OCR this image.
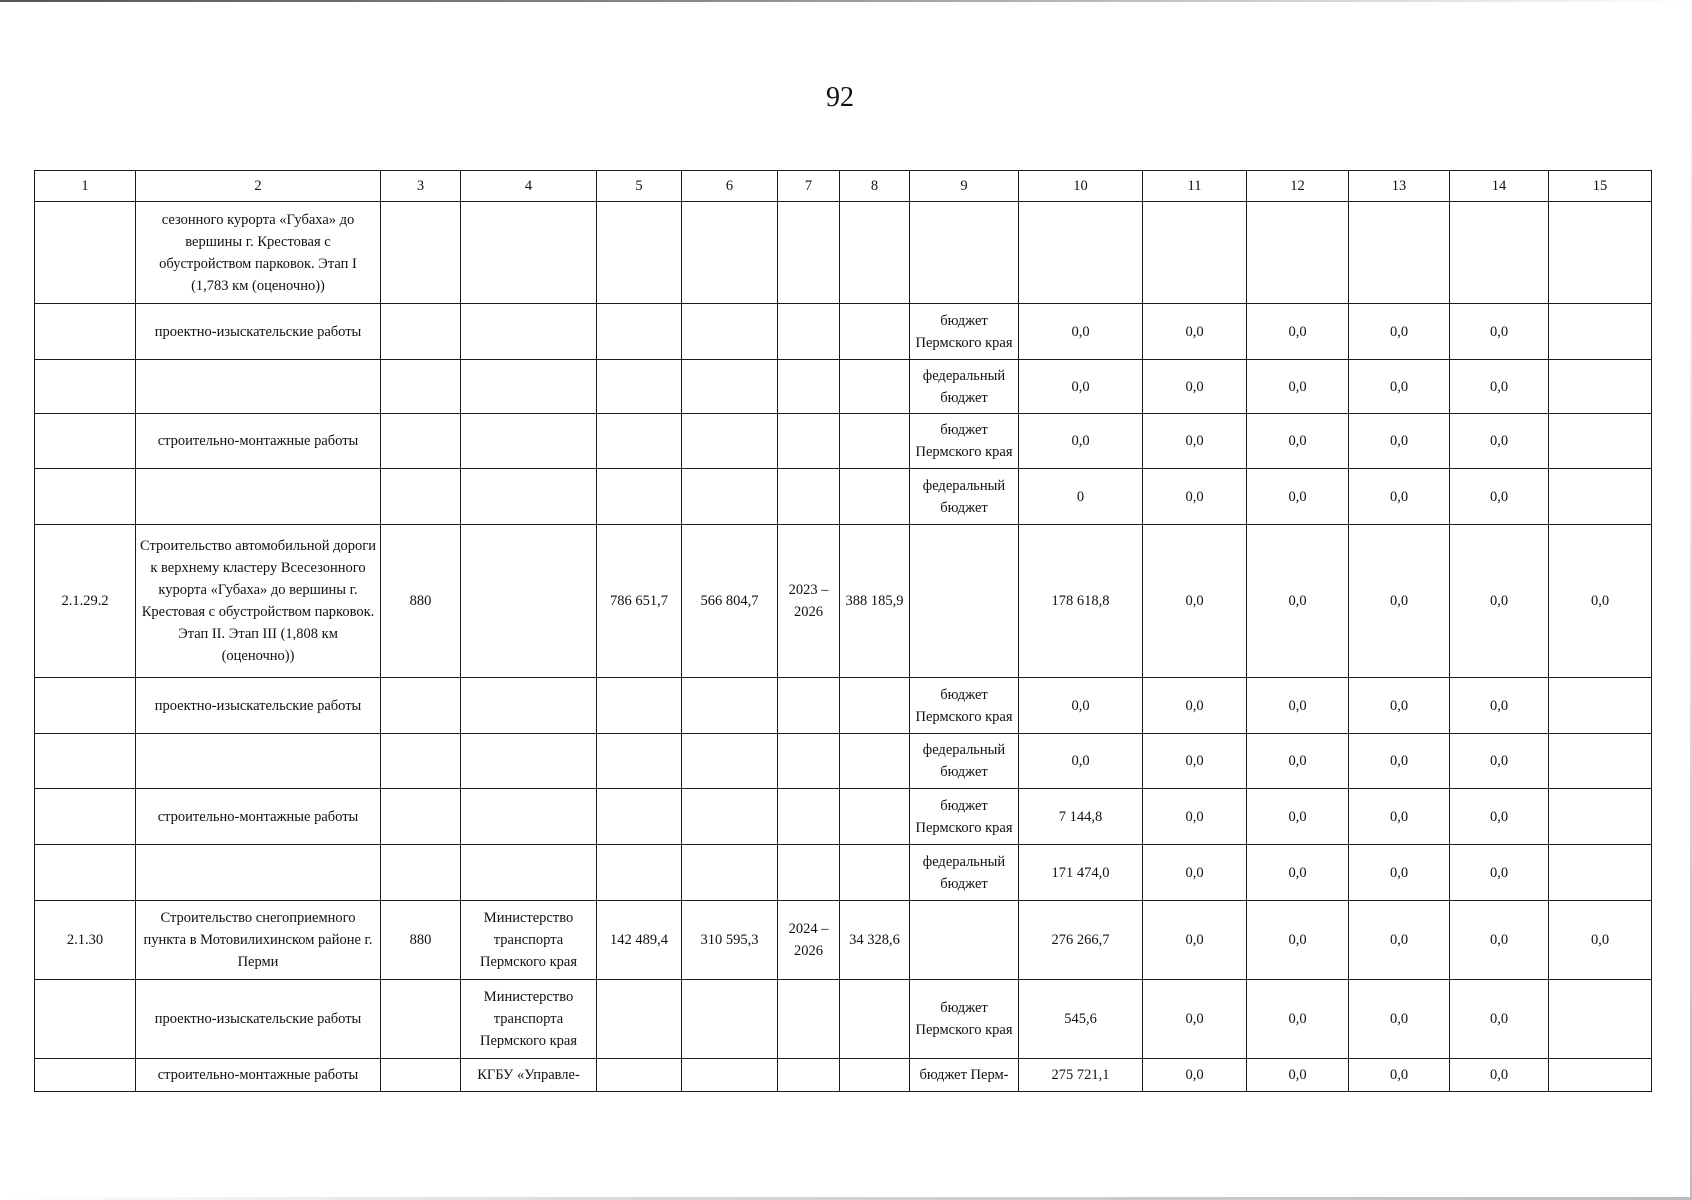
92
1	2	3	4	5	6	7	8	9	10	11	12	13	14	15
	сезонного курорта «Губаха» до вершины г. Крестовая с обустройством парковок. Этап I (1,783 км (оценочно))													
	проектно-изыскательские работы							бюджет Пермского края	0,0	0,0	0,0	0,0	0,0	
								федеральный бюджет	0,0	0,0	0,0	0,0	0,0	
	строительно-монтажные работы							бюджет Пермского края	0,0	0,0	0,0	0,0	0,0	
								федеральный бюджет	0	0,0	0,0	0,0	0,0	
2.1.29.2	Строительство автомобильной дороги к верхнему кластеру Всесезонного курорта «Губаха» до вершины г. Крестовая с обустройством парковок. Этап II. Этап III (1,808 км (оценочно))	880		786 651,7	566 804,7	2023 – 2026	388 185,9		178 618,8	0,0	0,0	0,0	0,0	0,0
	проектно-изыскательские работы							бюджет Пермского края	0,0	0,0	0,0	0,0	0,0	
								федеральный бюджет	0,0	0,0	0,0	0,0	0,0	
	строительно-монтажные работы							бюджет Пермского края	7 144,8	0,0	0,0	0,0	0,0	
								федеральный бюджет	171 474,0	0,0	0,0	0,0	0,0	
2.1.30	Строительство снегоприемного пункта в Мотовилихинском районе г. Перми	880	Министерство транспорта Пермского края	142 489,4	310 595,3	2024 – 2026	34 328,6		276 266,7	0,0	0,0	0,0	0,0	0,0
	проектно-изыскательские работы		Министерство транспорта Пермского края					бюджет Пермского края	545,6	0,0	0,0	0,0	0,0	
	строительно-монтажные работы		КГБУ «Управле-					бюджет Перм-	275 721,1	0,0	0,0	0,0	0,0	
